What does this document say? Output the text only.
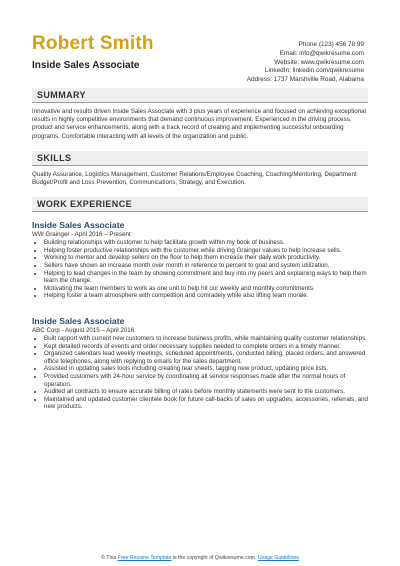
Robert Smith
Inside Sales Associate
Phone (123) 456 78 99
Email: info@qwikresume.com
Website: www.qwikresume.com
LinkedIn: linkedin.com/qwikresume
Address: 1737 Marshville Road, Alabama
SUMMARY
Innovative and results driven Inside Sales Associate with 3 plus years of experience and focused on achieving exceptional results in highly competitive environments that demand continuous improvement. Experienced in the driving process, product and service enhancements, along with a track record of creating and implementing successful onboarding programs. Comfortable interacting with all levels of the organization and public.
SKILLS
Quality Assurance, Logistics Management, Customer Relations/Employee Coaching, Coaching/Mentoring, Department Budget/Profit and Loss Prevention, Communications, Strategy, and Execution.
WORK EXPERIENCE
Inside Sales Associate
WW Grainger - April 2016 – Present
• Building relationships with customer to help facilitate growth within my book of business.
• Helping foster productive relationships with the customer while driving Grainger values to help increase sells.
• Working to mentor and develop sellers on the floor to help them increase their daily work productivity.
• Sellers have shown an increase month over month in reference to percent to goal and system utilization.
• Helping to lead changes in the team by showing commitment and buy into my peers and explaining ways to help them learn the change.
• Motivating the team members to work as one unit to help hit our weekly and monthly commitments.
• Helping foster a team atmosphere with competition and comradely while also lifting team morale.
Inside Sales Associate
ABC Corp - August 2015 – April 2016
• Built rapport with current new customers to increase business profits, while maintaining quality customer relationships.
• Kept detailed records of events and order necessary supplies needed to complete orders in a timely manner.
• Organized calendars lead weekly meetings, scheduled appointments, conducted billing, placed orders, and answered office telephones, along with replying to emails for the sales department.
• Assisted in updating sales tools including creating tear sheets, tagging new product, updating price lists.
• Provided customers with 24-hour service by coordinating all service responses made after the normal hours of operation.
• Audited all contracts to ensure accurate billing of rates before monthly statements were sent to the customers.
• Maintained and updated customer clientele book for future call-backs of sales on upgrades, accessories, referrals, and new products.
© This Free Resume Template is the copyright of Qwikresume.com. Usage Guidelines
